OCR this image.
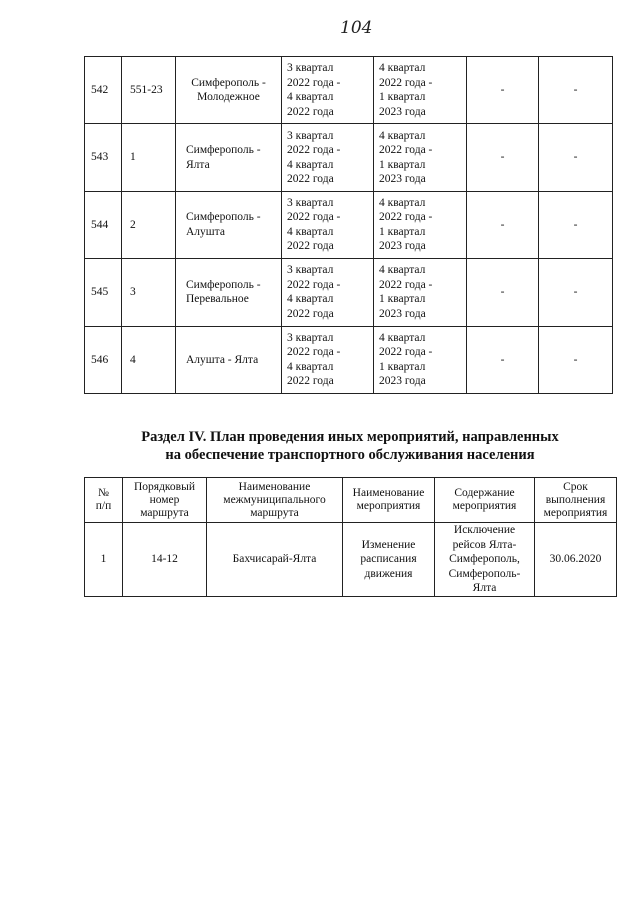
104
542	551-23	Симферополь -
Молодежное	3 квартал
2022 года -
4 квартал
2022 года	4 квартал
2022 года -
1 квартал
2023 года	-	-
543	1	Симферополь -
Ялта	3 квартал
2022 года -
4 квартал
2022 года	4 квартал
2022 года -
1 квартал
2023 года	-	-
544	2	Симферополь -
Алушта	3 квартал
2022 года -
4 квартал
2022 года	4 квартал
2022 года -
1 квартал
2023 года	-	-
545	3	Симферополь -
Перевальное	3 квартал
2022 года -
4 квартал
2022 года	4 квартал
2022 года -
1 квартал
2023 года	-	-
546	4	Алушта - Ялта	3 квартал
2022 года -
4 квартал
2022 года	4 квартал
2022 года -
1 квартал
2023 года	-	-
Раздел IV. План проведения иных мероприятий, направленных
на обеспечение транспортного обслуживания населения
№
п/п	Порядковый
номер
маршрута	Наименование
межмуниципального
маршрута	Наименование
мероприятия	Содержание
мероприятия	Срок
выполнения
мероприятия

1	14-12	Бахчисарай-Ялта	Изменение
расписания
движения	Исключение
рейсов Ялта-
Симферополь,
Симферополь-
Ялта	30.06.2020
